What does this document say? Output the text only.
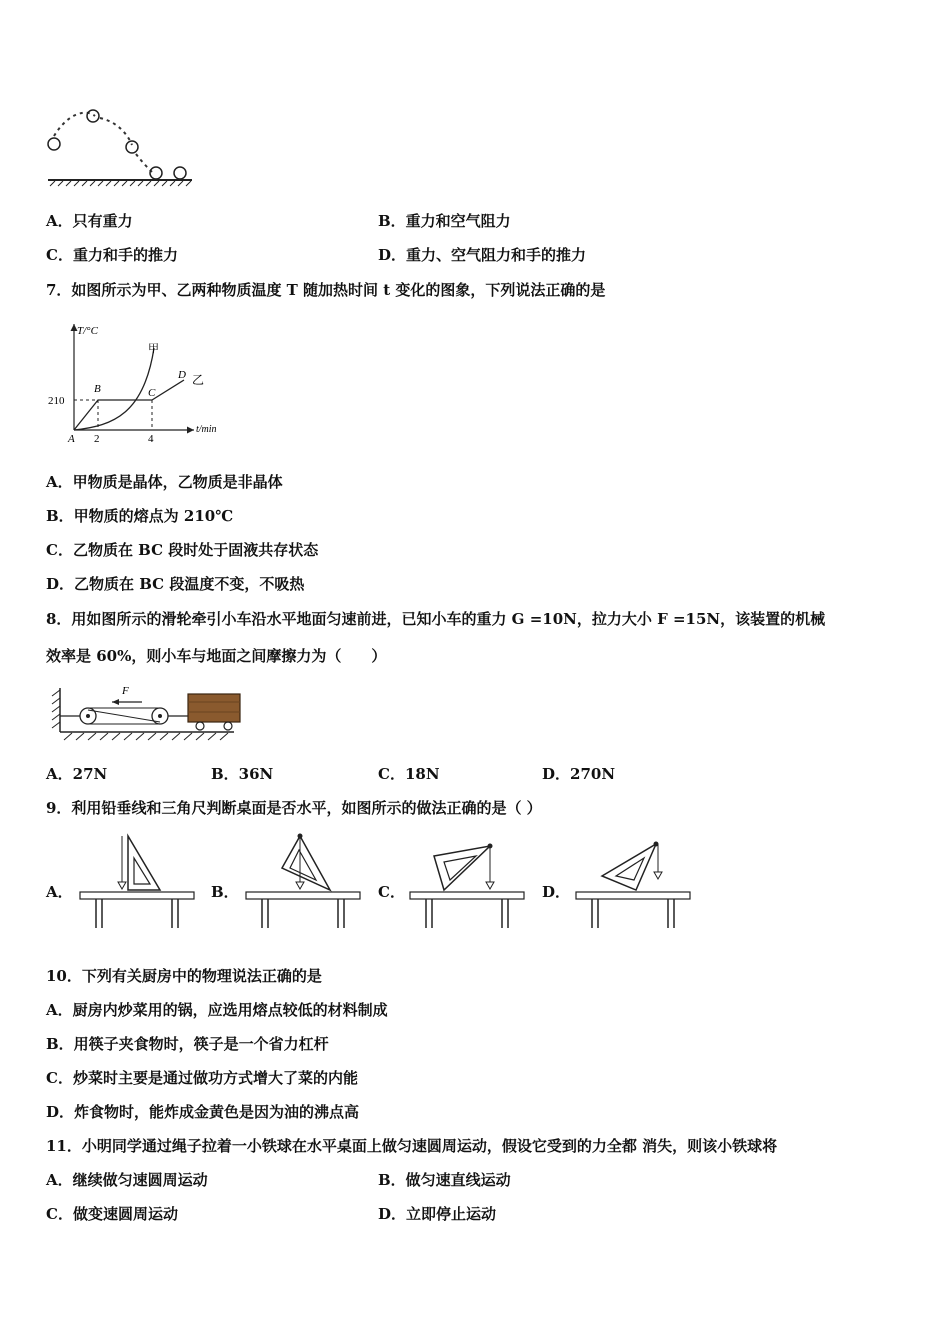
A．只有重力	B．重力和空气阻力
C．重力和手的推力	D．重力、空气阻力和手的推力
7．如图所示为甲、乙两种物质温度 T 随加热时间 t 变化的图象，下列说法正确的是
T/°C
t/min
210
2	4
A
B	C
D
甲
乙
A．甲物质是晶体，乙物质是非晶体
B．甲物质的熔点为 210℃
C．乙物质在 BC 段时处于固液共存状态
D．乙物质在 BC 段温度不变，不吸热
8．用如图所示的滑轮牵引小车沿水平地面匀速前进，已知小车的重力 G =10N，拉力大小 F =15N，该装置的机械
效率是 60%，则小车与地面之间摩擦力为（　　）
F
A．27N	B．36N	C．18N	D．270N
9．利用铅垂线和三角尺判断桌面是否水平，如图所示的做法正确的是（ ）
A．	B．	C．	D．
10．下列有关厨房中的物理说法正确的是
A．厨房内炒菜用的锅，应选用熔点较低的材料制成
B．用筷子夹食物时，筷子是一个省力杠杆
C．炒菜时主要是通过做功方式增大了菜的内能
D．炸食物时，能炸成金黄色是因为油的沸点高
11．小明同学通过绳子拉着一小铁球在水平桌面上做匀速圆周运动，假设它受到的力全都 消失，则该小铁球将
A．继续做匀速圆周运动	B．做匀速直线运动
C．做变速圆周运动	D．立即停止运动
